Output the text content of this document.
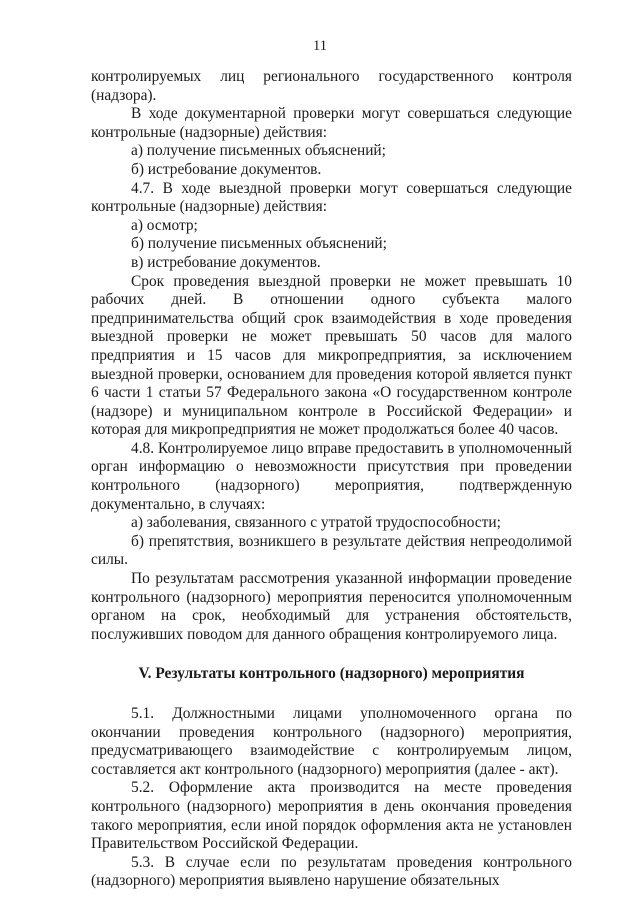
11

контролируемых лиц регионального государственного контроля (надзора).

В ходе документарной проверки могут совершаться следующие контрольные (надзорные) действия:

а) получение письменных объяснений;

б) истребование документов.

4.7. В ходе выездной проверки могут совершаться следующие контрольные (надзорные) действия:

а) осмотр;

б) получение письменных объяснений;

в) истребование документов.

Срок проведения выездной проверки не может превышать 10 рабочих дней. В отношении одного субъекта малого предпринимательства общий срок взаимодействия в ходе проведения выездной проверки не может превышать 50 часов для малого предприятия и 15 часов для микропредприятия, за исключением выездной проверки, основанием для проведения которой является пункт 6 части 1 статьи 57 Федерального закона «О государственном контроле (надзоре) и муниципальном контроле в Российской Федерации» и которая для микропредприятия не может продолжаться более 40 часов.

4.8. Контролируемое лицо вправе предоставить в уполномоченный орган информацию о невозможности присутствия при проведении контрольного (надзорного) мероприятия, подтвержденную документально, в случаях:

а) заболевания, связанного с утратой трудоспособности;

б) препятствия, возникшего в результате действия непреодолимой силы.

По результатам рассмотрения указанной информации проведение контрольного (надзорного) мероприятия переносится уполномоченным органом на срок, необходимый для устранения обстоятельств, послуживших поводом для данного обращения контролируемого лица.

V. Результаты контрольного (надзорного) мероприятия

5.1. Должностными лицами уполномоченного органа по окончании проведения контрольного (надзорного) мероприятия, предусматривающего взаимодействие с контролируемым лицом, составляется акт контрольного (надзорного) мероприятия (далее - акт).

5.2. Оформление акта производится на месте проведения контрольного (надзорного) мероприятия в день окончания проведения такого мероприятия, если иной порядок оформления акта не установлен Правительством Российской Федерации.

5.3. В случае если по результатам проведения контрольного (надзорного) мероприятия выявлено нарушение обязательных
